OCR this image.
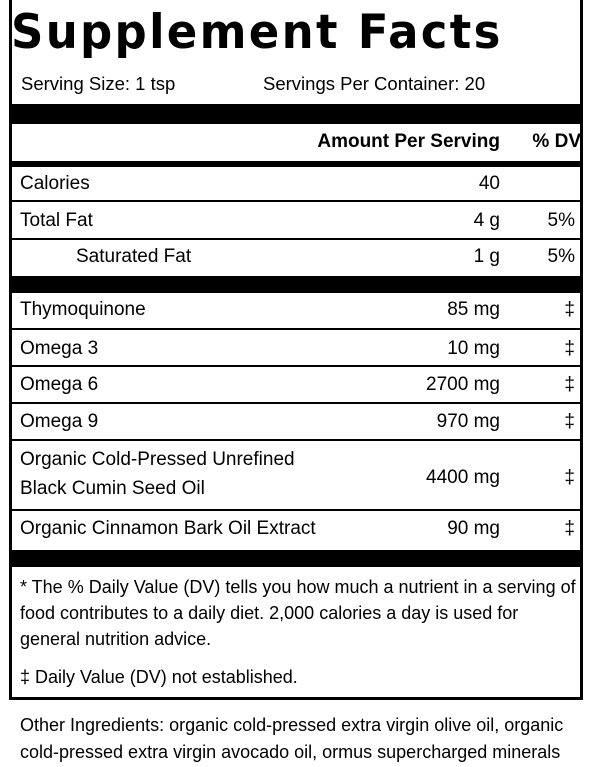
Supplement Facts
Serving Size: 1 tsp	Servings Per Container: 20
Amount Per Serving % DV
Calories	40
Total Fat	4 g	5%
Saturated Fat	1 g	5%
Thymoquinone	85 mg	‡
Omega 3	10 mg	‡
Omega 6	2700 mg	‡
Omega 9	970 mg	‡
Organic Cold-Pressed Unrefined
Black Cumin Seed Oil
4400 mg	‡
Organic Cinnamon Bark Oil Extract	90 mg	‡
* The % Daily Value (DV) tells you how much a nutrient in a serving of food contributes to a daily diet. 2,000 calories a day is used for general nutrition advice.
‡ Daily Value (DV) not established.
Other Ingredients: organic cold-pressed extra virgin olive oil, organic cold-pressed extra virgin avocado oil, ormus supercharged minerals
